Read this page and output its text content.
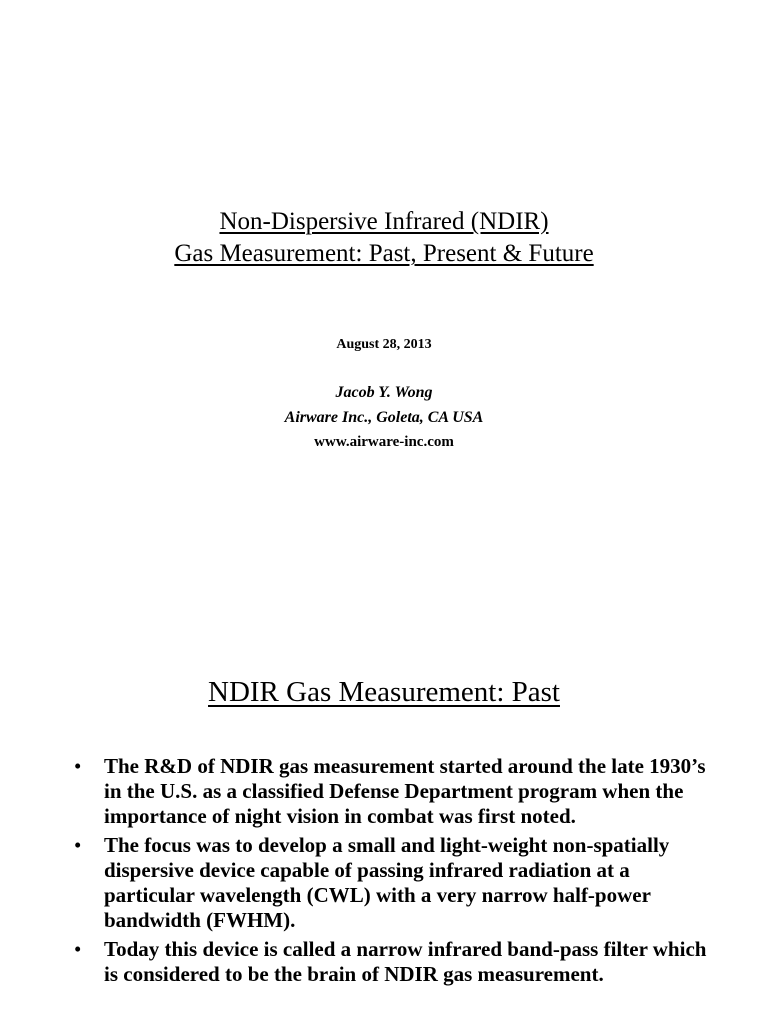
Non-Dispersive Infrared (NDIR)
Gas Measurement: Past, Present & Future
August 28, 2013
Jacob Y. Wong
Airware Inc., Goleta, CA USA
www.airware-inc.com
NDIR Gas Measurement: Past
• The R&D of NDIR gas measurement started around the late 1930’s in the U.S. as a classified Defense Department program when the importance of night vision in combat was first noted.
• The focus was to develop a small and light-weight non-spatially dispersive device capable of passing infrared radiation at a particular wavelength (CWL) with a very narrow half-power bandwidth (FWHM).
• Today this device is called a narrow infrared band-pass filter which is considered to be the brain of NDIR gas measurement.
